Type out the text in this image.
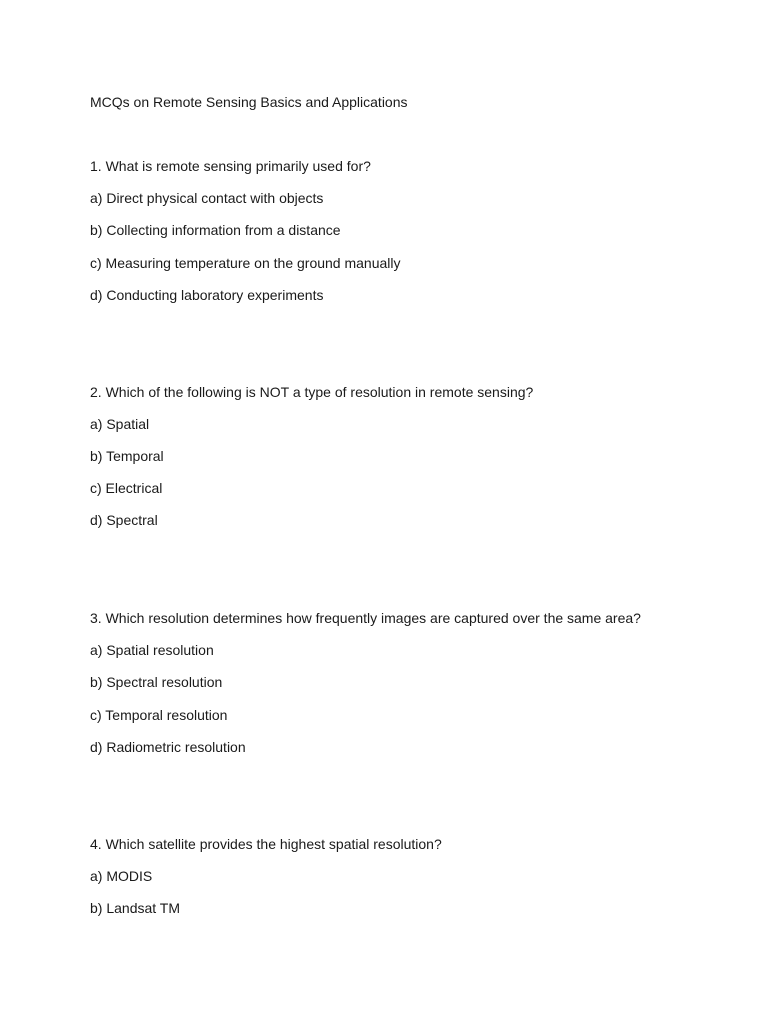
MCQs on Remote Sensing Basics and Applications
1. What is remote sensing primarily used for?
a) Direct physical contact with objects
b) Collecting information from a distance
c) Measuring temperature on the ground manually
d) Conducting laboratory experiments
2. Which of the following is NOT a type of resolution in remote sensing?
a) Spatial
b) Temporal
c) Electrical
d) Spectral
3. Which resolution determines how frequently images are captured over the same area?
a) Spatial resolution
b) Spectral resolution
c) Temporal resolution
d) Radiometric resolution
4. Which satellite provides the highest spatial resolution?
a) MODIS
b) Landsat TM
